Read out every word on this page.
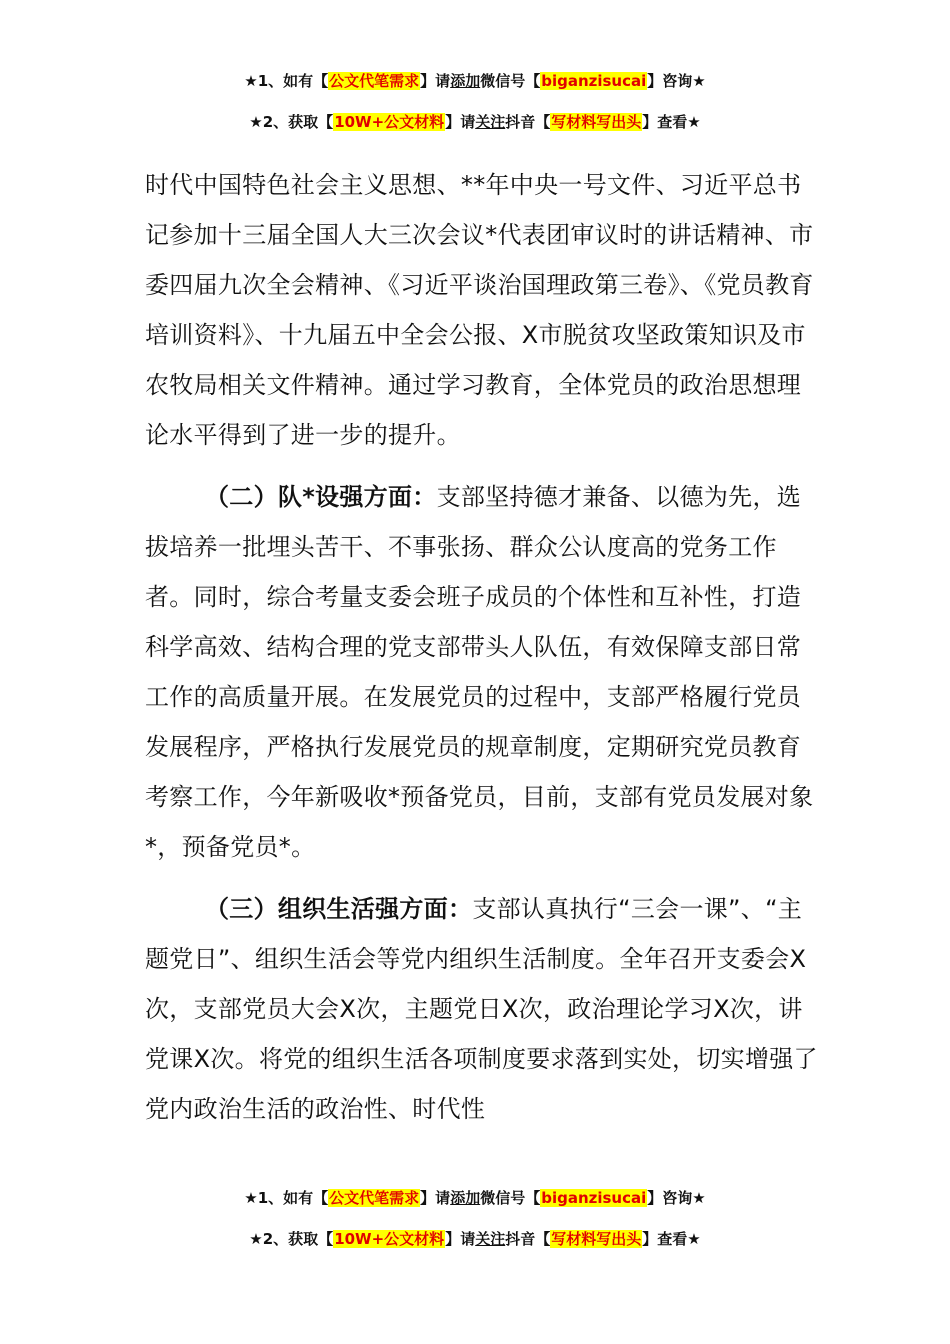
★1、如有【公文代笔需求】请添加微信号【biganzisucai】咨询★
★2、获取【10W+公文材料】请关注抖音【写材料写出头】查看★

时代中国特色社会主义思想、**年中央一号文件、习近平总书记参加十三届全国人大三次会议*代表团审议时的讲话精神、市委四届九次全会精神、《习近平谈治国理政第三卷》、《党员教育培训资料》、十九届五中全会公报、X市脱贫攻坚政策知识及市农牧局相关文件精神。通过学习教育，全体党员的政治思想理论水平得到了进一步的提升。

（二）队*设强方面：支部坚持德才兼备、以德为先，选拔培养一批埋头苦干、不事张扬、群众公认度高的党务工作者。同时，综合考量支委会班子成员的个体性和互补性，打造科学高效、结构合理的党支部带头人队伍，有效保障支部日常工作的高质量开展。在发展党员的过程中，支部严格履行党员发展程序，严格执行发展党员的规章制度，定期研究党员教育考察工作，今年新吸收*预备党员，目前，支部有党员发展对象*，预备党员*。

（三）组织生活强方面：支部认真执行“三会一课”、“主题党日”、组织生活会等党内组织生活制度。全年召开支委会X次，支部党员大会X次，主题党日X次，政治理论学习X次，讲党课X次。将党的组织生活各项制度要求落到实处，切实增强了党内政治生活的政治性、时代性

★1、如有【公文代笔需求】请添加微信号【biganzisucai】咨询★
★2、获取【10W+公文材料】请关注抖音【写材料写出头】查看★
